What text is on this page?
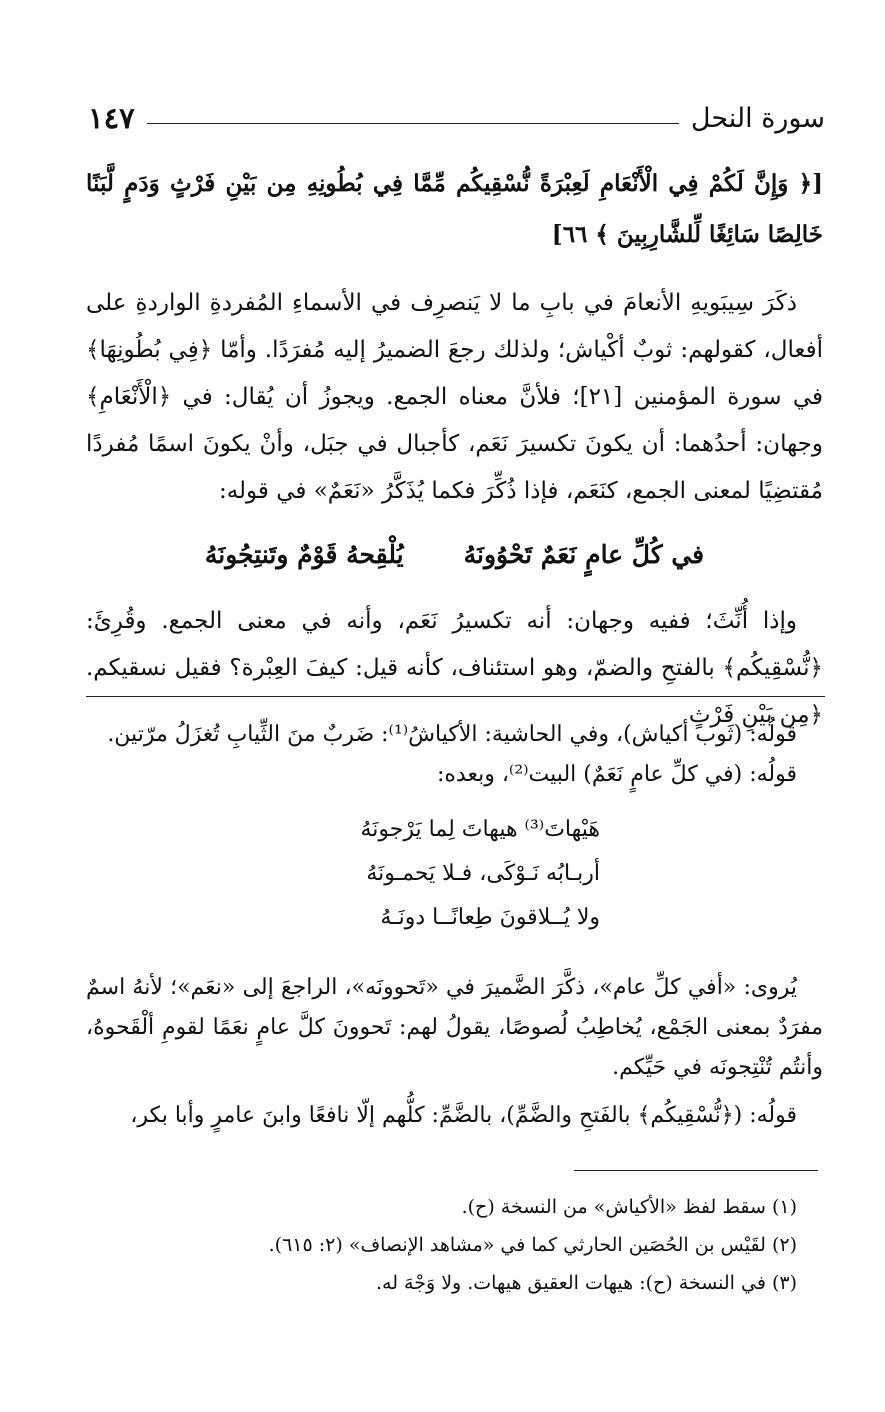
سورة النحل
١٤٧

[﴿ وَإِنَّ لَكُمْ فِي الْأَنْعَامِ لَعِبْرَةً نُّسْقِيكُم مِّمَّا فِي بُطُونِهِ مِن بَيْنِ فَرْثٍ وَدَمٍ لَّبَنًا خَالِصًا سَائِغًا لِّلشَّارِبِينَ ﴾ ٦٦]

ذكَرَ سِيبَويهِ الأنعامَ في بابِ ما لا يَنصرِف في الأسماءِ المُفردةِ الواردةِ على أفعال، كقولهم: ثوبٌ أكْياش؛ ولذلك رجعَ الضميرُ إليه مُفرَدًا. وأمّا ﴿فِي بُطُونِهَا﴾ في سورة المؤمنين [٢١]؛ فلأنَّ معناه الجمع. ويجوزُ أن يُقال: في ﴿الْأَنْعَامِ﴾ وجهان: أحدُهما: أن يكونَ تكسيرَ نَعَم، كأجبال في جبَل، وأنْ يكونَ اسمًا مُفردًا مُقتضِيًا لمعنى الجمع، كنَعَم، فإذا ذُكِّرَ فكما يُذَكَّرُ «نَعَمٌ» في قوله:

في كُلِّ عامٍ نَعَمٌ تَحْوُونَهُ
يُلْقِحهُ قَوْمٌ وتَنتِجُونَهُ

وإذا أُنِّثَ؛ ففيه وجهان: أنه تكسيرُ نَعَم، وأنه في معنى الجمع. وقُرِئَ: ﴿نُّسْقِيكُم﴾ بالفتحِ والضمّ، وهو استئناف، كأنه قيل: كيفَ العِبْرة؟ فقيل نسقيكم. ﴿مِن بَيْنِ فَرْثٍ

قولُه: (ثَوب أكياش)، وفي الحاشية: الأكياشُ⁽¹⁾: ضَربٌ منَ الثِّيابِ تُغزَلُ مرّتين.

قولُه: (في كلِّ عامٍ نَعَمٌ) البيت⁽²⁾، وبعده:

هَيْهاتَ⁽³⁾ هيهاتَ لِما يَرْجونَهُ

أربـابُه نَـوْكَى، فـلا يَحمـونَهُ

ولا يُــلاقونَ طِعانًــا دونَـهُ

يُروى: «أفي كلِّ عام»، ذكَّرَ الضَّميرَ في «تَحوونَه»، الراجعَ إلى «نعَم»؛ لأنهُ اسمٌ مفرَدٌ بمعنى الجَمْع، يُخاطِبُ لُصوصًا، يقولُ لهم: تَحوونَ كلَّ عامٍ نعَمًا لقومِ ألْقَحوهُ، وأنتُم تُنْتِجونَه في حَيِّكم.

قولُه: (﴿نُّسْقِيكُم﴾ بالفَتحِ والضَّمِّ)، بالضَّمِّ: كلُّهم إلّا نافعًا وابنَ عامرٍ وأبا بكر،

(١) سقط لفظ «الأكياش» من النسخة (ح).

(٢) لقَيْس بن الحُصَين الحارثي كما في «مشاهد الإنصاف» (٢: ٦١٥).

(٣) في النسخة (ح): هيهات العقيق هيهات. ولا وَجْهَ له.
